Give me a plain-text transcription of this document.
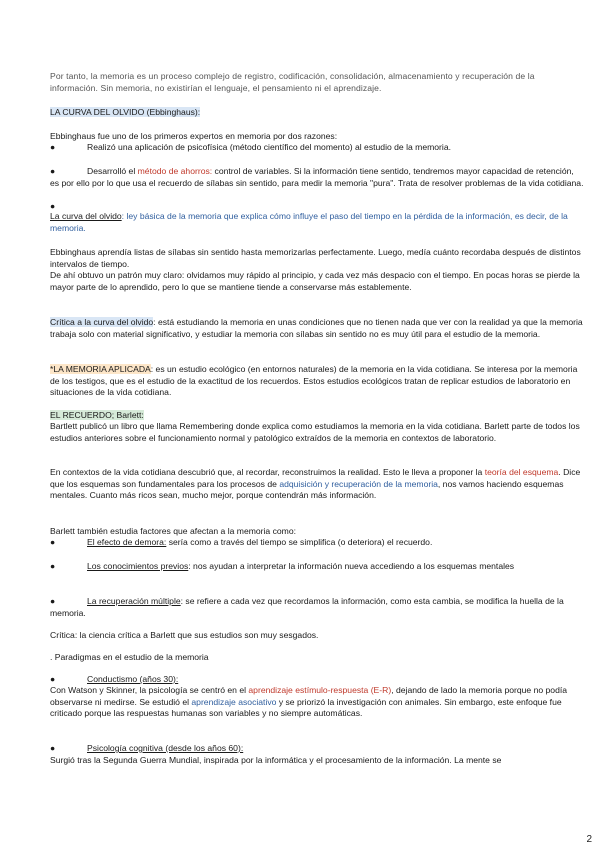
Por tanto, la memoria es un proceso complejo de registro, codificación, consolidación, almacenamiento y recuperación de la información. Sin memoria, no existirían el lenguaje, el pensamiento ni el aprendizaje.

LA CURVA DEL OLVIDO (Ebbinghaus):

Ebbinghaus fue uno de los primeros expertos en memoria por dos razones:

●	Realizó una aplicación de psicofísica (método científico del momento) al estudio de la memoria.

●	Desarrolló el método de ahorros: control de variables. Si la información tiene sentido, tendremos mayor capacidad de retención, es por ello por lo que usa el recuerdo de sílabas sin sentido, para medir la memoria "pura". Trata de resolver problemas de la vida cotidiana.

●

La curva del olvido: ley básica de la memoria que explica cómo influye el paso del tiempo en la pérdida de la información, es decir, de la memoria.

Ebbinghaus aprendía listas de sílabas sin sentido hasta memorizarlas perfectamente. Luego, medía cuánto recordaba después de distintos intervalos de tiempo.

De ahí obtuvo un patrón muy claro: olvidamos muy rápido al principio, y cada vez más despacio con el tiempo. En pocas horas se pierde la mayor parte de lo aprendido, pero lo que se mantiene tiende a conservarse más establemente.

Crítica a la curva del olvido: está estudiando la memoria en unas condiciones que no tienen nada que ver con la realidad ya que la memoria trabaja solo con material significativo, y estudiar la memoria con sílabas sin sentido no es muy útil para el estudio de la memoria.

*LA MEMORIA APLICADA: es un estudio ecológico (en entornos naturales) de la memoria en la vida cotidiana. Se interesa por la memoria de los testigos, que es el estudio de la exactitud de los recuerdos. Estos estudios ecológicos tratan de replicar estudios de laboratorio en situaciones de la vida cotidiana.

EL RECUERDO; Barlett:

Bartlett publicó un libro que llama Remembering donde explica como estudiamos la memoria en la vida cotidiana. Barlett parte de todos los estudios anteriores sobre el funcionamiento normal y patológico extraídos de la memoria en contextos de laboratorio.

En contextos de la vida cotidiana descubrió que, al recordar, reconstruimos la realidad. Esto le lleva a proponer la teoría del esquema. Dice que los esquemas son fundamentales para los procesos de adquisición y recuperación de la memoria, nos vamos haciendo esquemas mentales. Cuanto más ricos sean, mucho mejor, porque contendrán más información.

Barlett también estudia factores que afectan a la memoria como:

●	El efecto de demora: sería como a través del tiempo se simplifica (o deteriora) el recuerdo.

●	Los conocimientos previos: nos ayudan a interpretar la información nueva accediendo a los esquemas mentales

●	La recuperación múltiple: se refiere a cada vez que recordamos la información, como esta cambia, se modifica la huella de la memoria.

Crítica: la ciencia crítica a Barlett que sus estudios son muy sesgados.

. Paradigmas en el estudio de la memoria

●	Conductismo (años 30):

Con Watson y Skinner, la psicología se centró en el aprendizaje estímulo-respuesta (E-R), dejando de lado la memoria porque no podía observarse ni medirse. Se estudió el aprendizaje asociativo y se priorizó la investigación con animales. Sin embargo, este enfoque fue criticado porque las respuestas humanas son variables y no siempre automáticas.

●	Psicología cognitiva (desde los años 60):

Surgió tras la Segunda Guerra Mundial, inspirada por la informática y el procesamiento de la información. La mente se

2
